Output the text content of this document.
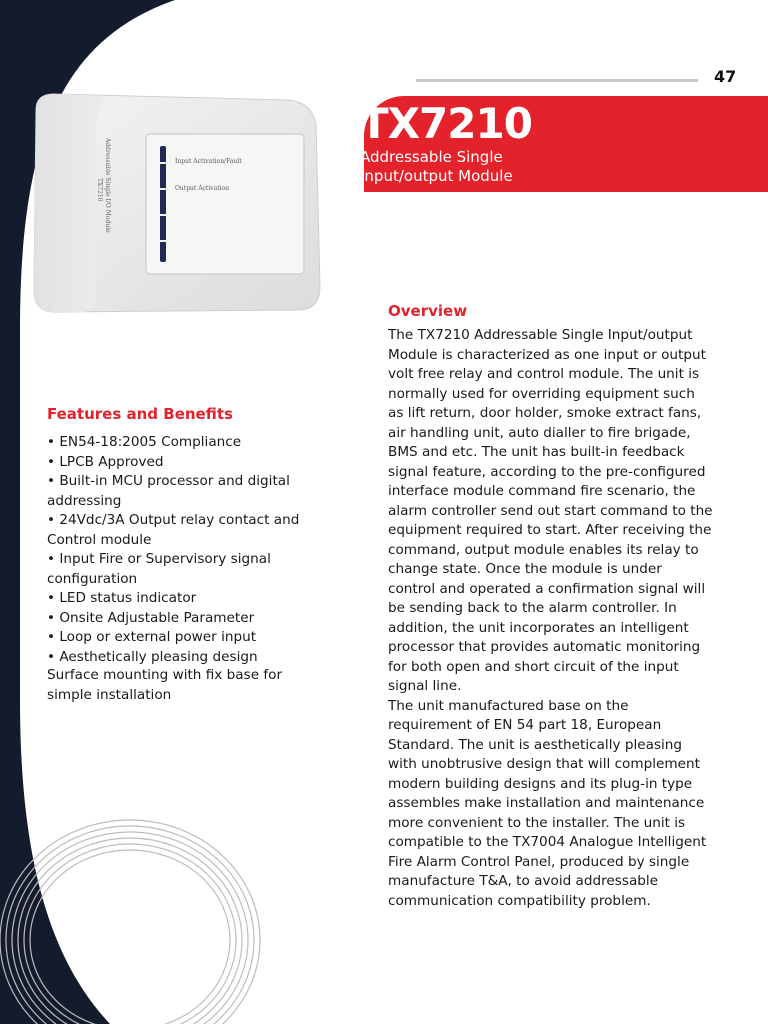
47
TX7210
Addressable Single
Input/output Module
Input Activation/Fault
Output Activation
TX7210 Addressable Single I/O Module
Overview

The TX7210 Addressable Single Input/output Module is characterized as one input or output volt free relay and control module. The unit is normally used for overriding equipment such as lift return, door holder, smoke extract fans, air handling unit, auto dialler to fire brigade, BMS and etc. The unit has built-in feedback signal feature, according to the pre-configured interface module command fire scenario, the alarm controller send out start command to the equipment required to start. After receiving the command, output module enables its relay to change state. Once the module is under control and operated a confirmation signal will be sending back to the alarm controller. In addition, the unit incorporates an intelligent processor that provides automatic monitoring for both open and short circuit of the input signal line.

The unit manufactured base on the requirement of EN 54 part 18, European Standard. The unit is aesthetically pleasing with unobtrusive design that will complement modern building designs and its plug-in type assembles make installation and maintenance more convenient to the installer. The unit is compatible to the TX7004 Analogue Intelligent Fire Alarm Control Panel, produced by single manufacture T&A, to avoid addressable communication compatibility problem.

Features and Benefits
• EN54-18:2005 Compliance
• LPCB Approved
• Built-in MCU processor and digital addressing
• 24Vdc/3A Output relay contact and Control module
• Input Fire or Supervisory signal configuration
• LED status indicator
• Onsite Adjustable Parameter
• Loop or external power input
• Aesthetically pleasing design
Surface mounting with fix base for simple installation
